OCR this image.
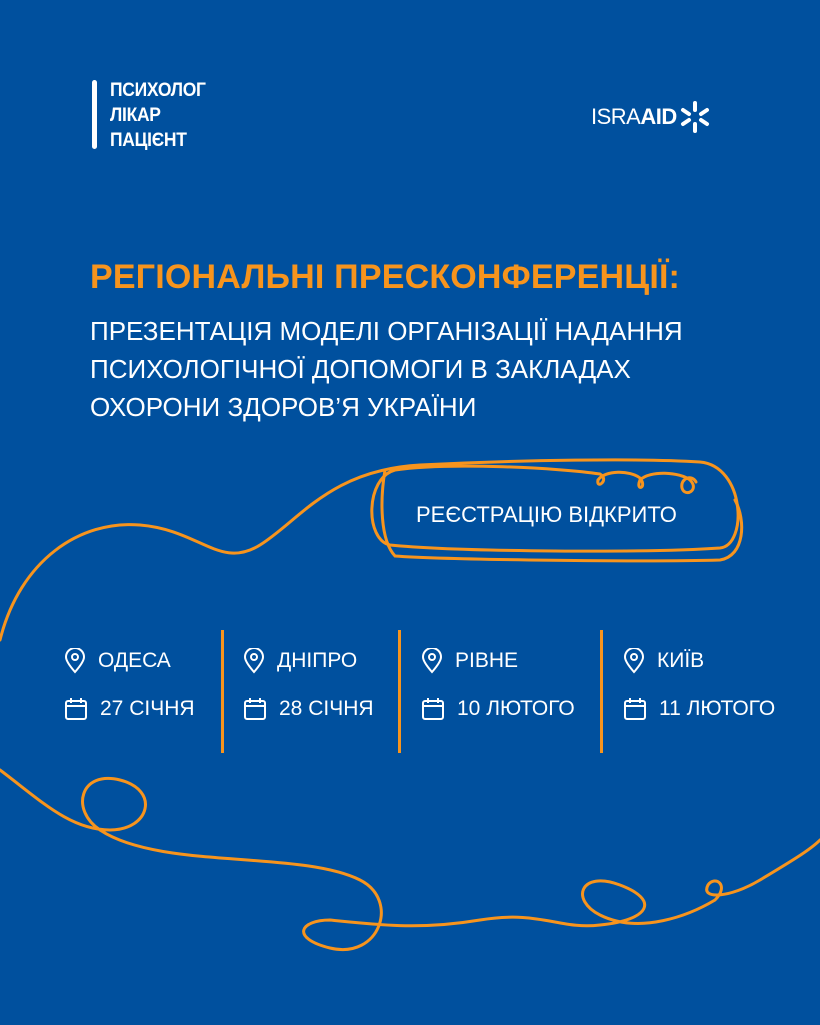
ПСИХОЛОГ
ЛІКАР
ПАЦІЄНТ
ISRA AID
РЕГІОНАЛЬНІ ПРЕСКОНФЕРЕНЦІЇ:
ПРЕЗЕНТАЦІЯ МОДЕЛІ ОРГАНІЗАЦІЇ НАДАННЯ
ПСИХОЛОГІЧНОЇ ДОПОМОГИ В ЗАКЛАДАХ
ОХОРОНИ ЗДОРОВ’Я УКРАЇНИ
РЕЄСТРАЦІЮ ВІДКРИТО
ОДЕСА
27 СІЧНЯ
ДНІПРО
28 СІЧНЯ
РІВНЕ
10 ЛЮТОГО
КИЇВ
11 ЛЮТОГО
